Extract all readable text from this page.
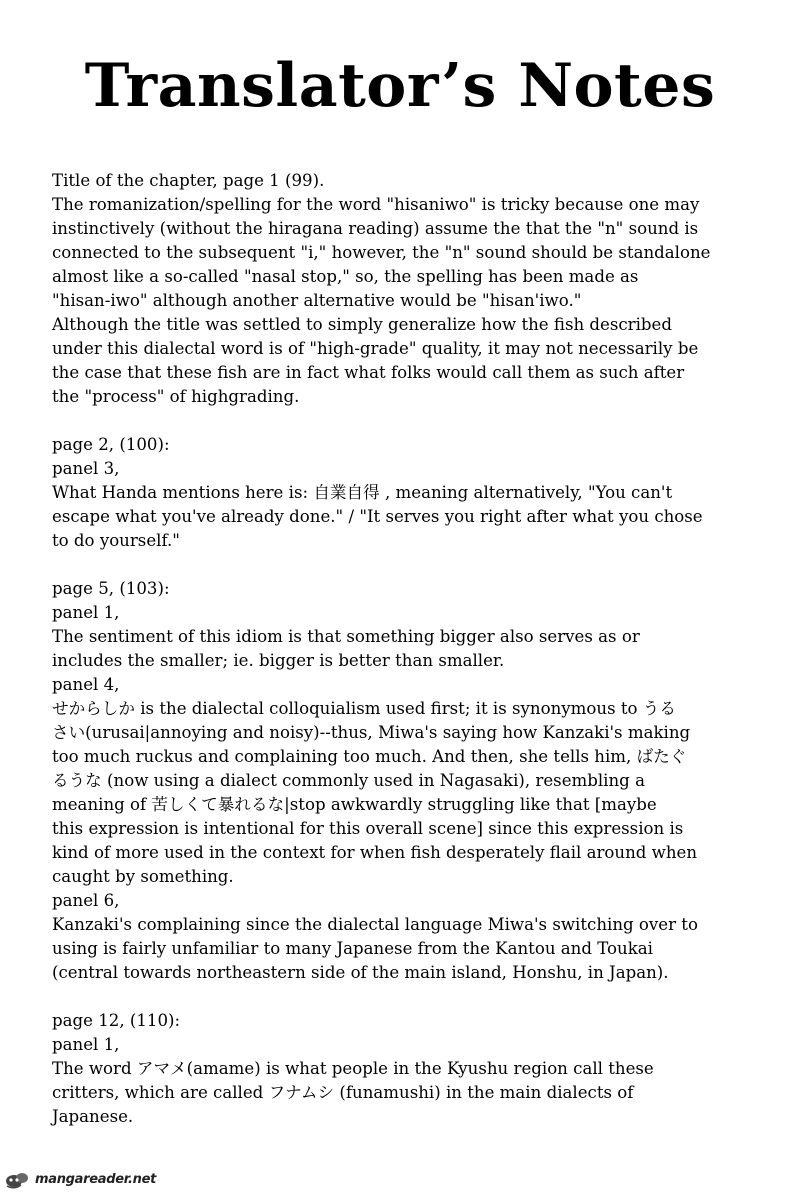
Translator’s Notes
Title of the chapter, page 1 (99).
The romanization/spelling for the word "hisaniwo" is tricky because one may
instinctively (without the hiragana reading) assume the that the "n" sound is
connected to the subsequent "i," however, the "n" sound should be standalone
almost like a so-called "nasal stop," so, the spelling has been made as
"hisan-iwo" although another alternative would be "hisan'iwo."
Although the title was settled to simply generalize how the fish described
under this dialectal word is of "high-grade" quality, it may not necessarily be
the case that these fish are in fact what folks would call them as such after
the "process" of highgrading.
page 2, (100):
panel 3,
What Handa mentions here is: 自業自得 , meaning alternatively, "You can't
escape what you've already done." / "It serves you right after what you chose
to do yourself."
page 5, (103):
panel 1,
The sentiment of this idiom is that something bigger also serves as or
includes the smaller; ie. bigger is better than smaller.
panel 4,
せからしか is the dialectal colloquialism used first; it is synonymous to うる
さい(urusai|annoying and noisy)--thus, Miwa's saying how Kanzaki's making
too much ruckus and complaining too much. And then, she tells him, ばたぐ
るうな (now using a dialect commonly used in Nagasaki), resembling a
meaning of 苦しくて暴れるな|stop awkwardly struggling like that [maybe
this expression is intentional for this overall scene] since this expression is
kind of more used in the context for when fish desperately flail around when
caught by something.
panel 6,
Kanzaki's complaining since the dialectal language Miwa's switching over to
using is fairly unfamiliar to many Japanese from the Kantou and Toukai
(central towards northeastern side of the main island, Honshu, in Japan).
page 12, (110):
panel 1,
The word アマメ(amame) is what people in the Kyushu region call these
critters, which are called フナムシ (funamushi) in the main dialects of
Japanese.
mangareader.net
